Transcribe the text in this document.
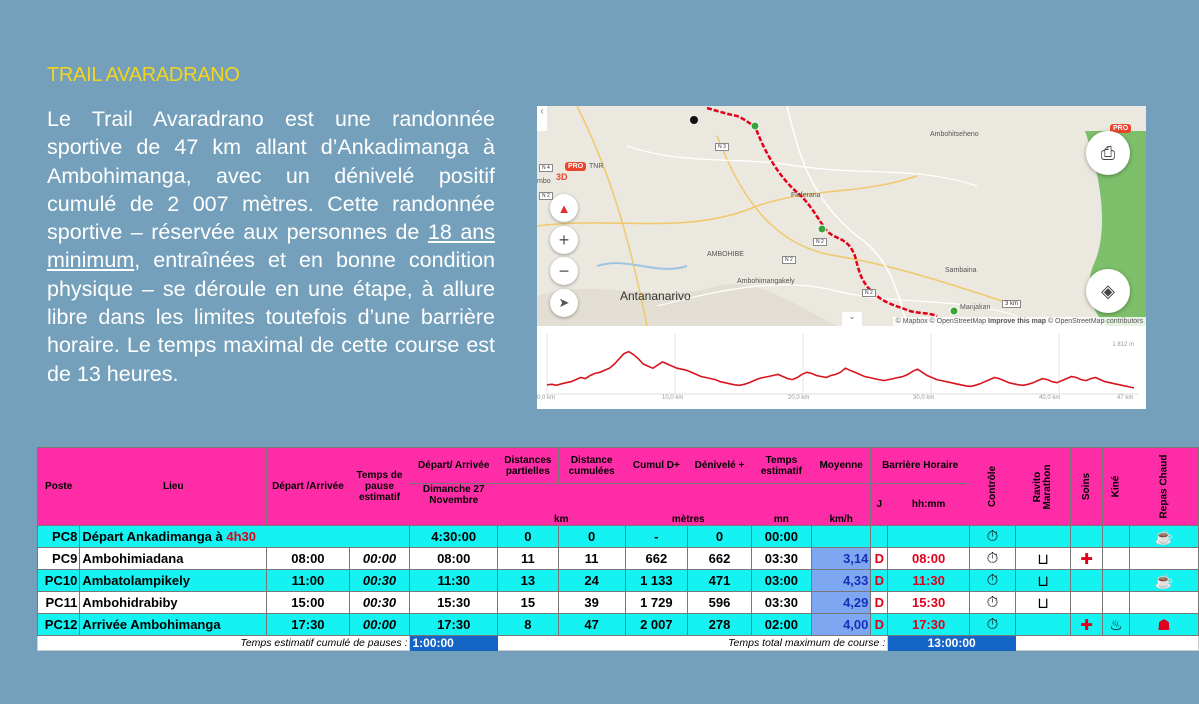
TRAIL AVARADRANO
Le Trail Avaradrano est une randonnée sportive de 47 km allant d’Ankadimanga à Ambohimanga, avec un dénivelé positif cumulé de 2 007 mètres. Cette randonnée sportive – réservée aux personnes de 18 ans minimum, entraînées et en bonne condition physique – se déroule en une étape, à allure libre dans les limites toutefois d’une barrière horaire. Le temps maximal de cette course est de 13 heures.
Ambohitseheno
Fieferana
AMBOHIBE
Ambohimangakely
Sambaina
Manjakan
TNR
mbo
Antananarivo
N 3
N 2
N 2
N 2
N 4
N 2
3 km
‹
PRO
3D
▲
+
−
➤
PRO
⎙
◈
⌄
© Mapbox © OpenStreetMap Improve this map © OpenStreetMap contributors
1 812 m
0,0 km	10,0 km	20,0 km	30,0 km	40,0 km	47 km
Poste	Lieu	Départ /Arrivée	Temps de pause estimatif	Départ/ Arrivée	Distances partielles	Distance cumulées	Cumul D+	Dénivelé +	Temps estimatif	Moyenne	Barrière Horaire		Contrôle	Ravito Marathon	Soins	Kiné	Repas Chaud
				Dimanche 27 Novembre	km		mètres		mn	km/h	J	hh:mm					
PC8	Départ Ankadimanga à 4h30			4:30:00	0	0	-	0	00:00				⏱				☕
PC9	Ambohimiadana	08:00	00:00	08:00	11	11	662	662	03:30	3,14	D	08:00	⏱	⊔	✚		
PC10	Ambatolampikely	11:00	00:30	11:30	13	24	1 133	471	03:00	4,33	D	11:30	⏱	⊔			☕
PC11	Ambohidrabiby	15:00	00:30	15:30	15	39	1 729	596	03:30	4,29	D	15:30	⏱	⊔			
PC12	Arrivée Ambohimanga	17:30	00:00	17:30	8	47	2 007	278	02:00	4,00	D	17:30	⏱		✚	♨	☗
Temps estimatif cumulé de pauses :				1:00:00	Temps total maximum de course :							13:00:00					
